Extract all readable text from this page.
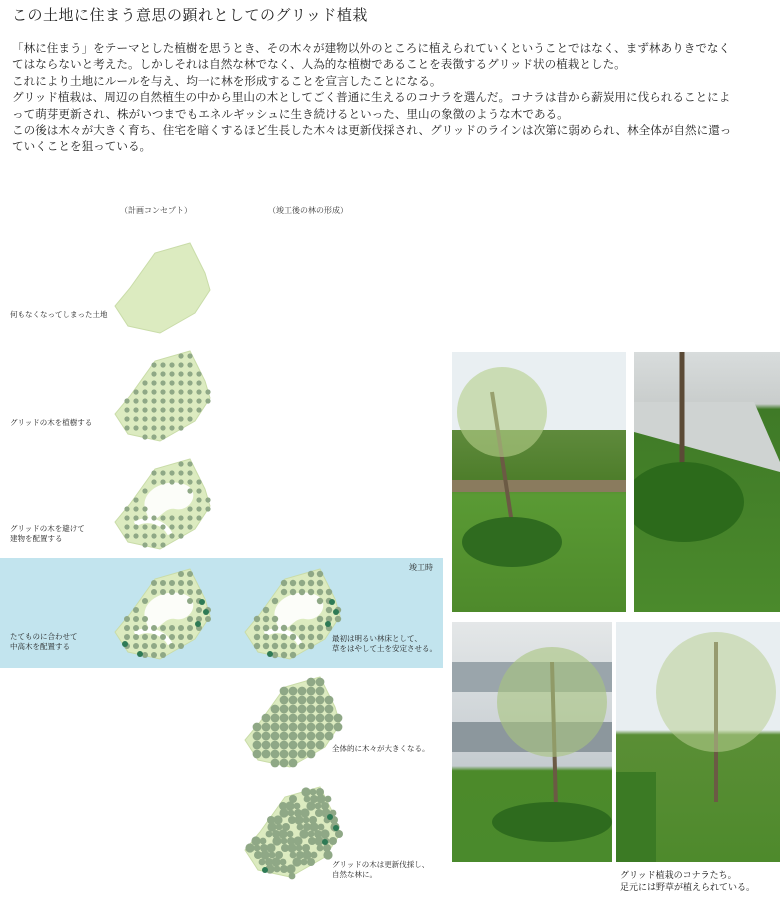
この土地に住まう意思の顕れとしてのグリッド植栽

「林に住まう」をテーマとした植樹を思うとき、その木々が建物以外のところに植えられていくということではなく、まず林ありきでなくてはならないと考えた。しかしそれは自然な林でなく、人為的な植樹であることを表徴するグリッド状の植栽とした。

これにより土地にルールを与え、均一に林を形成することを宣言したことになる。

グリッド植栽は、周辺の自然植生の中から里山の木としてごく普通に生えるのコナラを選んだ。コナラは昔から薪炭用に伐られることによって萌芽更新され、株がいつまでもエネルギッシュに生き続けるといった、里山の象徴のような木である。

この後は木々が大きく育ち、住宅を暗くするほど生長した木々は更新伐採され、グリッドのラインは次第に弱められ、林全体が自然に還っていくことを狙っている。

（計画コンセプト）	（竣工後の林の形成）
竣工時
何もなくなってしまった土地
グリッドの木を植樹する
グリッドの木を避けて
建物を配置する
たてものに合わせて
中高木を配置する
最初は明るい林床として、
草をはやして土を安定させる。
全体的に木々が大きくなる。
グリッドの木は更新伐採し、
自然な林に。	グリッド植栽のコナラたち。
足元には野草が植えられている。
